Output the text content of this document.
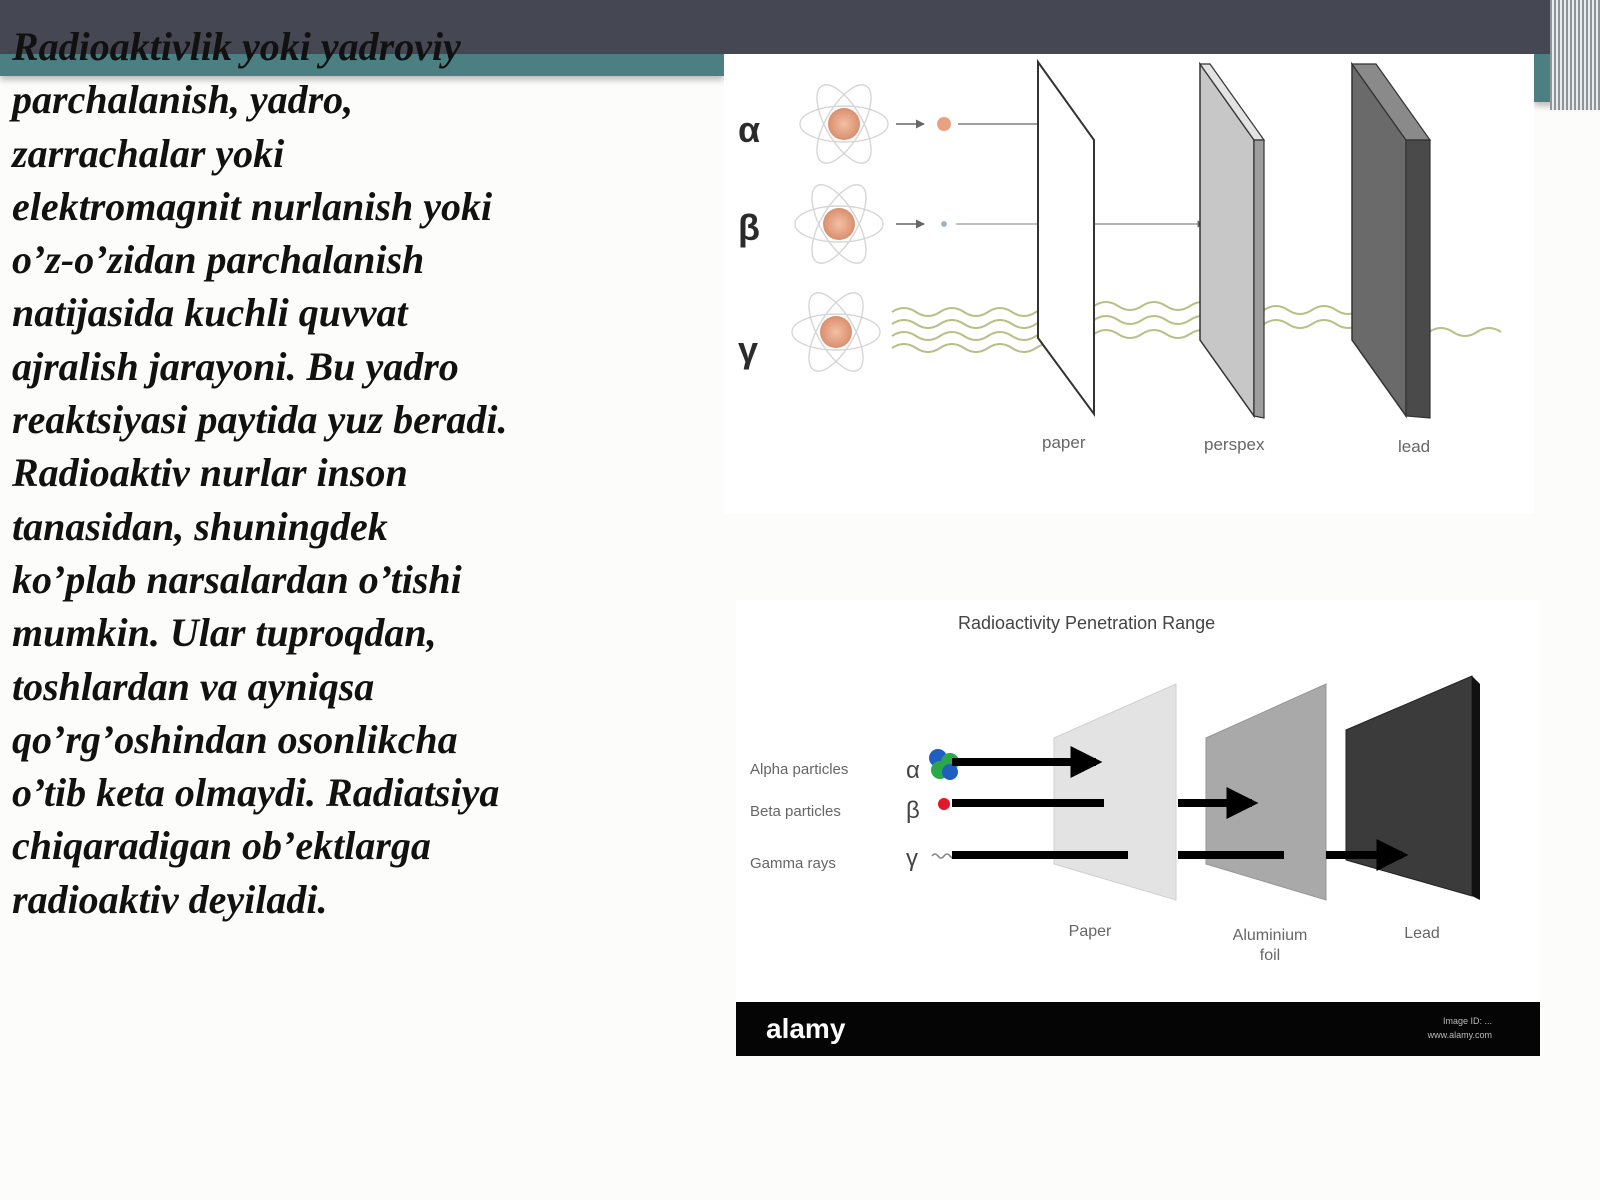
Radioaktivlik yoki yadroviy parchalanish, yadro, zarrachalar yoki elektromagnit nurlanish yoki o’z-o’zidan parchalanish natijasida kuchli quvvat ajralish jarayoni. Bu yadro reaktsiyasi paytida yuz beradi. Radioaktiv nurlar inson tanasidan, shuningdek ko’plab narsalardan o’tishi mumkin. Ular tuproqdan, toshlardan va ayniqsa qo’rg’oshindan osonlikcha o’tib keta olmaydi. Radiatsiya chiqaradigan ob’ektlarga radioaktiv deyiladi.

α
β
γ
paper	perspex	lead
Radioactivity Penetration Range
Alpha particles
Beta particles
Gamma rays
α
β
γ
Paper	Aluminium
foil
Lead
alamy	Image ID: ...
www.alamy.com
